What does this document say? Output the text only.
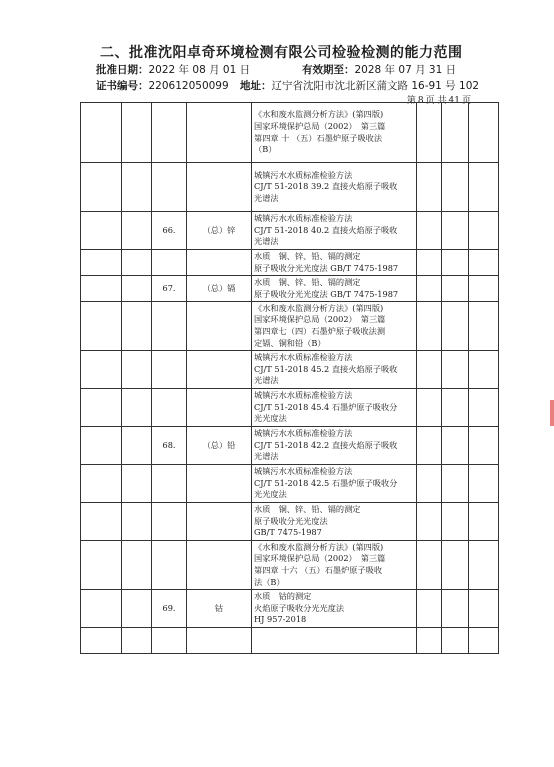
二、批准沈阳卓奇环境检测有限公司检验检测的能力范围
批准日期：2022 年 08 月 01 日	有效期至：2028 年 07 月 31 日
证书编号：220612050099 地址：辽宁省沈阳市沈北新区蒲文路 16-91 号 102
第 8 页 共 41 页

				《水和废水监测分析方法》(第四版)
国家环境保护总局（2002）　第三篇
第四章 十 （五）石墨炉原子吸收法
（B）			

				城镇污水水质标准检验方法
CJ/T 51-2018 39.2 直接火焰原子吸收
光谱法			

		66.	（总）锌	城镇污水水质标准检验方法
CJ/T 51-2018 40.2 直接火焰原子吸收
光谱法			

				水质　铜、锌、铅、镉的测定
原子吸收分光光度法 GB/T 7475-1987			

		67.	（总）镉	水质　铜、锌、铅、镉的测定
原子吸收分光光度法 GB/T 7475-1987			

				《水和废水监测分析方法》(第四版)
国家环境保护总局（2002）　第三篇
第四章七（四）石墨炉原子吸收法测
定镉、铜和铅（B）			

				城镇污水水质标准检验方法
CJ/T 51-2018 45.2 直接火焰原子吸收
光谱法			

				城镇污水水质标准检验方法
CJ/T 51-2018 45.4 石墨炉原子吸收分
光光度法			

		68.	（总）铅	城镇污水水质标准检验方法
CJ/T 51-2018 42.2 直接火焰原子吸收
光谱法			

				城镇污水水质标准检验方法
CJ/T 51-2018 42.5 石墨炉原子吸收分
光光度法			

				水质　铜、锌、铅、镉的测定
原子吸收分光光度法
GB/T 7475-1987			

				《水和废水监测分析方法》(第四版)
国家环境保护总局（2002）　第三篇
第四章 十六 （五）石墨炉原子吸收
法（B）			

		69.	钴	水质　钴的测定
火焰原子吸收分光光度法
HJ 957-2018			
